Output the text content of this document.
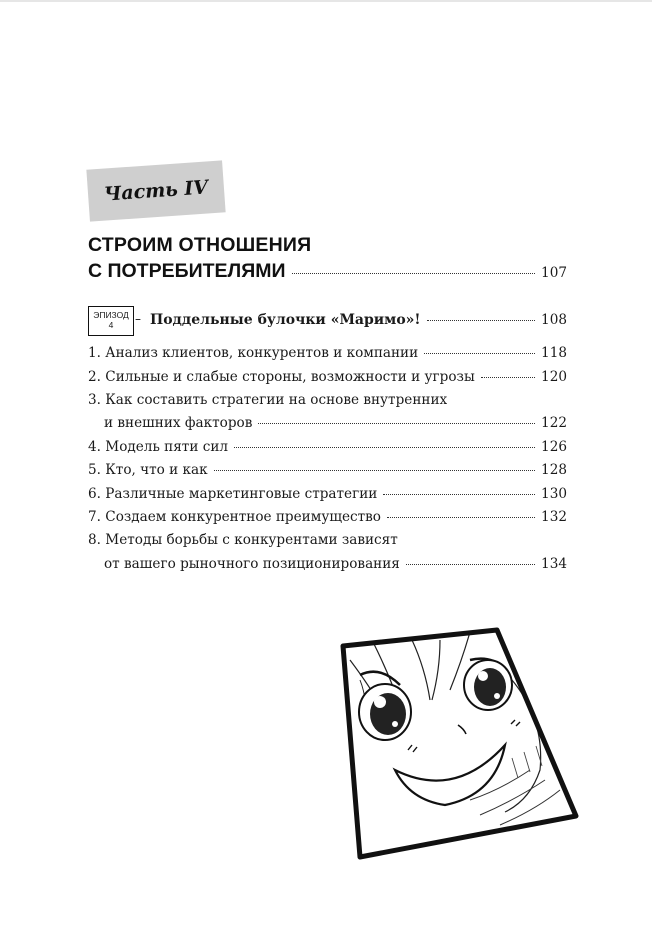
Часть IV
СТРОИМ ОТНОШЕНИЯ
С ПОТРЕБИТЕЛЯМИ	107
ЭПИЗОД
4	– Поддельные булочки «Маримо»!	108
1. Анализ клиентов, конкурентов и компании	118
2. Сильные и слабые стороны, возможности и угрозы	120
3. Как составить стратегии на основе внутренних
и внешних факторов	122
4. Модель пяти сил	126
5. Кто, что и как	128
6. Различные маркетинговые стратегии	130
7. Создаем конкурентное преимущество	132
8. Методы борьбы с конкурентами зависят
от вашего рыночного позиционирования	134
